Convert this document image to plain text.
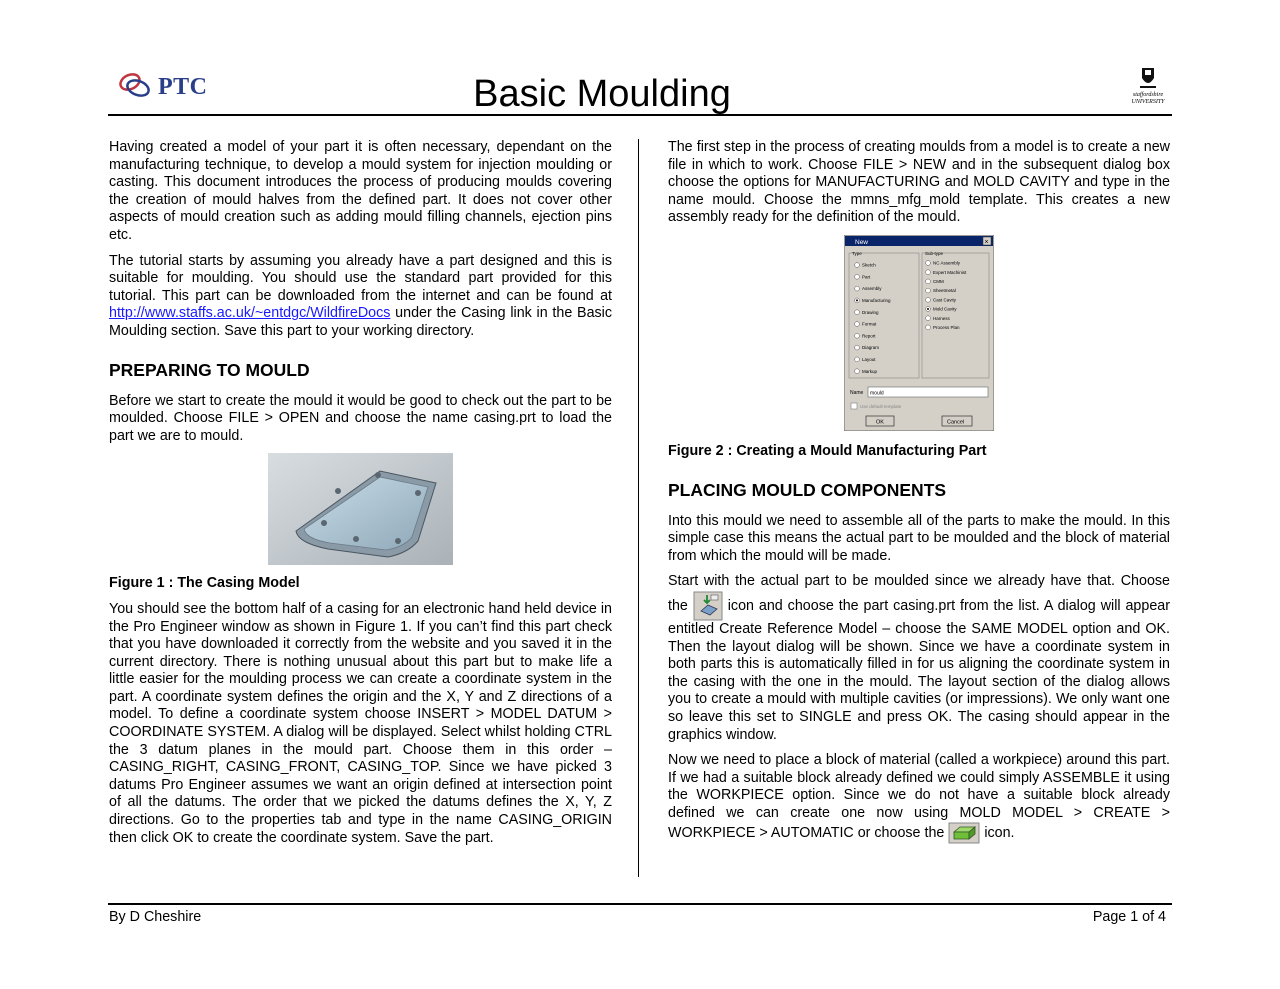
PTC	Basic Moulding	staffordshire UNIVERSITY

Having created a model of your part it is often necessary, dependant on the manufacturing technique, to develop a mould system for injection moulding or casting. This document introduces the process of producing moulds covering the creation of mould halves from the defined part. It does not cover other aspects of mould creation such as adding mould filling channels, ejection pins etc.

The tutorial starts by assuming you already have a part designed and this is suitable for moulding. You should use the standard part provided for this tutorial. This part can be downloaded from the internet and can be found at http://www.staffs.ac.uk/~entdgc/WildfireDocs under the Casing link in the Basic Moulding section. Save this part to your working directory.

PREPARING TO MOULD

Before we start to create the mould it would be good to check out the part to be moulded. Choose FILE > OPEN and choose the name casing.prt to load the part we are to mould.

Figure 1 : The Casing Model

You should see the bottom half of a casing for an electronic hand held device in the Pro Engineer window as shown in Figure 1. If you can’t find this part check that you have downloaded it correctly from the website and you saved it in the current directory. There is nothing unusual about this part but to make life a little easier for the moulding process we can create a coordinate system in the part. A coordinate system defines the origin and the X, Y and Z directions of a model. To define a coordinate system choose INSERT > MODEL DATUM > COORDINATE SYSTEM. A dialog will be displayed. Select whilst holding CTRL the 3 datum planes in the mould part. Choose them in this order – CASING_RIGHT, CASING_FRONT, CASING_TOP. Since we have picked 3 datums Pro Engineer assumes we want an origin defined at intersection point of all the datums. The order that we picked the datums defines the X, Y, Z directions. Go to the properties tab and type in the name CASING_ORIGIN then click OK to create the coordinate system. Save the part.

The first step in the process of creating moulds from a model is to create a new file in which to work. Choose FILE > NEW and in the subsequent dialog box choose the options for MANUFACTURING and MOLD CAVITY and type in the name mould. Choose the mmns_mfg_mold template. This creates a new assembly ready for the definition of the mould.

New	×
Type	Sub-type
Sketch
Part
Assembly
Manufacturing
Drawing
Format
Report
Diagram
Layout
Markup
NC Assembly
Expert Machinist
CMM
Sheetmetal
Cast Cavity
Mold Cavity
Harness
Process Plan
Name mould
Use default template
OK	Cancel

Figure 2 : Creating a Mould Manufacturing Part

PLACING MOULD COMPONENTS

Into this mould we need to assemble all of the parts to make the mould. In this simple case this means the actual part to be moulded and the block of material from which the mould will be made.

Start with the actual part to be moulded since we already have that. Choose the  icon and choose the part casing.prt from the list. A dialog will appear entitled Create Reference Model – choose the SAME MODEL option and OK. Then the layout dialog will be shown. Since we have a coordinate system in both parts this is automatically filled in for us aligning the coordinate system in the casing with the one in the mould. The layout section of the dialog allows you to create a mould with multiple cavities (or impressions). We only want one so leave this set to SINGLE and press OK. The casing should appear in the graphics window.

Now we need to place a block of material (called a workpiece) around this part. If we had a suitable block already defined we could simply ASSEMBLE it using the WORKPIECE option. Since we do not have a suitable block already defined we can create one now using MOLD MODEL > CREATE > WORKPIECE > AUTOMATIC or choose the  icon.

By D Cheshire	Page 1 of 4
